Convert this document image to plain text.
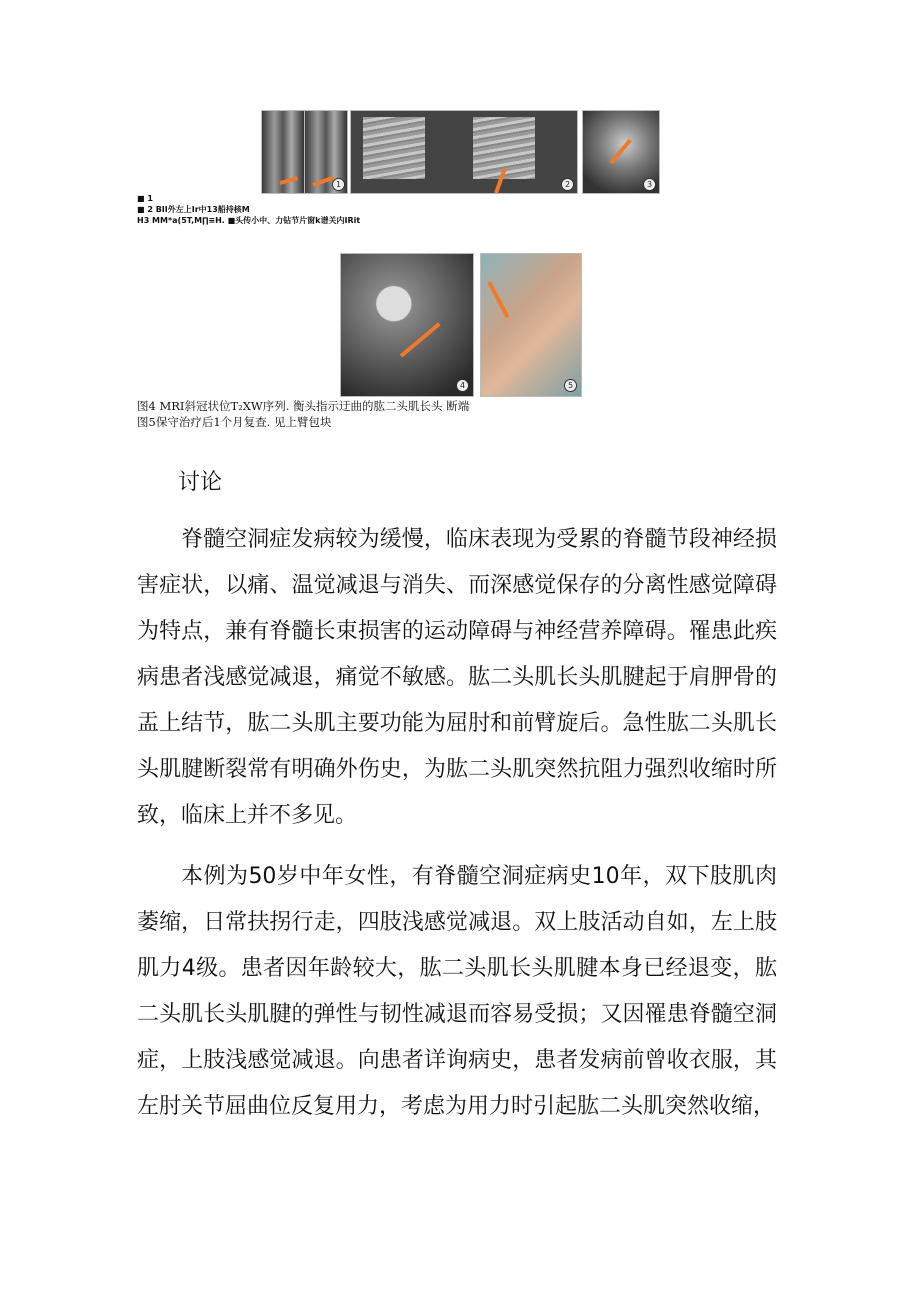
1	2	3
■ 1
■ 2 BII外左上Ir中13船持核M
H3 MM*a(5T,M∏≡H. ■头传小中、力钻节片窗k谱关内IRit
4	5
图4 MRI斜冠状位T₂XW序列. 衡头指示迂曲的肱二头肌长头 断端
图5保守治疗后1个月复查. 见上臂包块
讨论

脊髓空洞症发病较为缓慢，临床表现为受累的脊髓节段神经损害症状，以痛、温觉减退与消失、而深感觉保存的分离性感觉障碍为特点，兼有脊髓长束损害的运动障碍与神经营养障碍。罹患此疾病患者浅感觉减退，痛觉不敏感。肱二头肌长头肌腱起于肩胛骨的盂上结节，肱二头肌主要功能为屈肘和前臂旋后。急性肱二头肌长头肌腱断裂常有明确外伤史，为肱二头肌突然抗阻力强烈收缩时所致，临床上并不多见。

本例为50岁中年女性，有脊髓空洞症病史10年，双下肢肌肉萎缩，日常扶拐行走，四肢浅感觉减退。双上肢活动自如，左上肢肌力4级。患者因年龄较大，肱二头肌长头肌腱本身已经退变，肱二头肌长头肌腱的弹性与韧性减退而容易受损；又因罹患脊髓空洞症，上肢浅感觉减退。向患者详询病史，患者发病前曾收衣服，其左肘关节屈曲位反复用力，考虑为用力时引起肱二头肌突然收缩，
